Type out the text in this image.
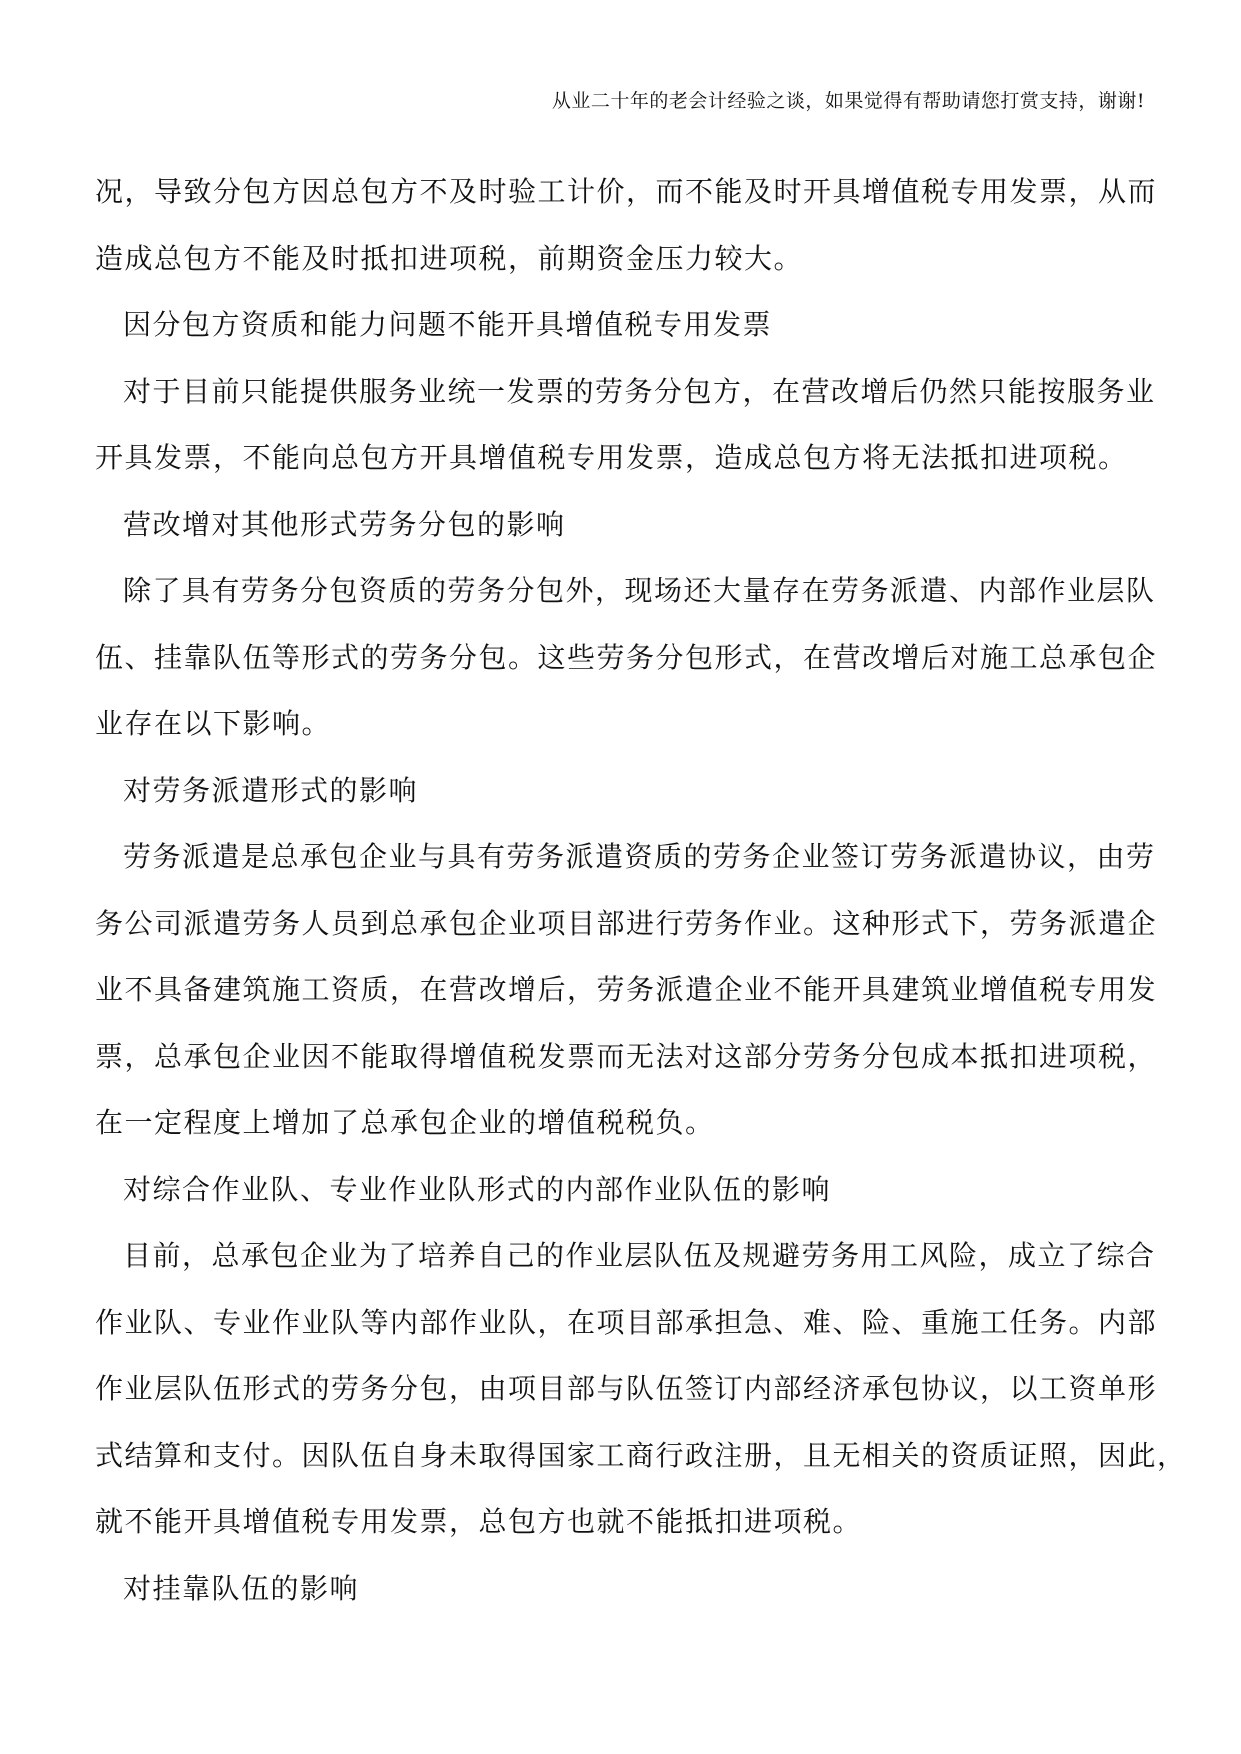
从业二十年的老会计经验之谈，如果觉得有帮助请您打赏支持，谢谢!
况，导致分包方因总包方不及时验工计价，而不能及时开具增值税专用发票，从而
造成总包方不能及时抵扣进项税，前期资金压力较大。
因分包方资质和能力问题不能开具增值税专用发票
对于目前只能提供服务业统一发票的劳务分包方，在营改增后仍然只能按服务业
开具发票，不能向总包方开具增值税专用发票，造成总包方将无法抵扣进项税。
营改增对其他形式劳务分包的影响
除了具有劳务分包资质的劳务分包外，现场还大量存在劳务派遣、内部作业层队
伍、挂靠队伍等形式的劳务分包。这些劳务分包形式，在营改增后对施工总承包企
业存在以下影响。
对劳务派遣形式的影响
劳务派遣是总承包企业与具有劳务派遣资质的劳务企业签订劳务派遣协议，由劳
务公司派遣劳务人员到总承包企业项目部进行劳务作业。这种形式下，劳务派遣企
业不具备建筑施工资质，在营改增后，劳务派遣企业不能开具建筑业增值税专用发
票，总承包企业因不能取得增值税发票而无法对这部分劳务分包成本抵扣进项税，
在一定程度上增加了总承包企业的增值税税负。
对综合作业队、专业作业队形式的内部作业队伍的影响
目前，总承包企业为了培养自己的作业层队伍及规避劳务用工风险，成立了综合
作业队、专业作业队等内部作业队，在项目部承担急、难、险、重施工任务。内部
作业层队伍形式的劳务分包，由项目部与队伍签订内部经济承包协议，以工资单形
式结算和支付。因队伍自身未取得国家工商行政注册，且无相关的资质证照，因此，
就不能开具增值税专用发票，总包方也就不能抵扣进项税。
对挂靠队伍的影响
